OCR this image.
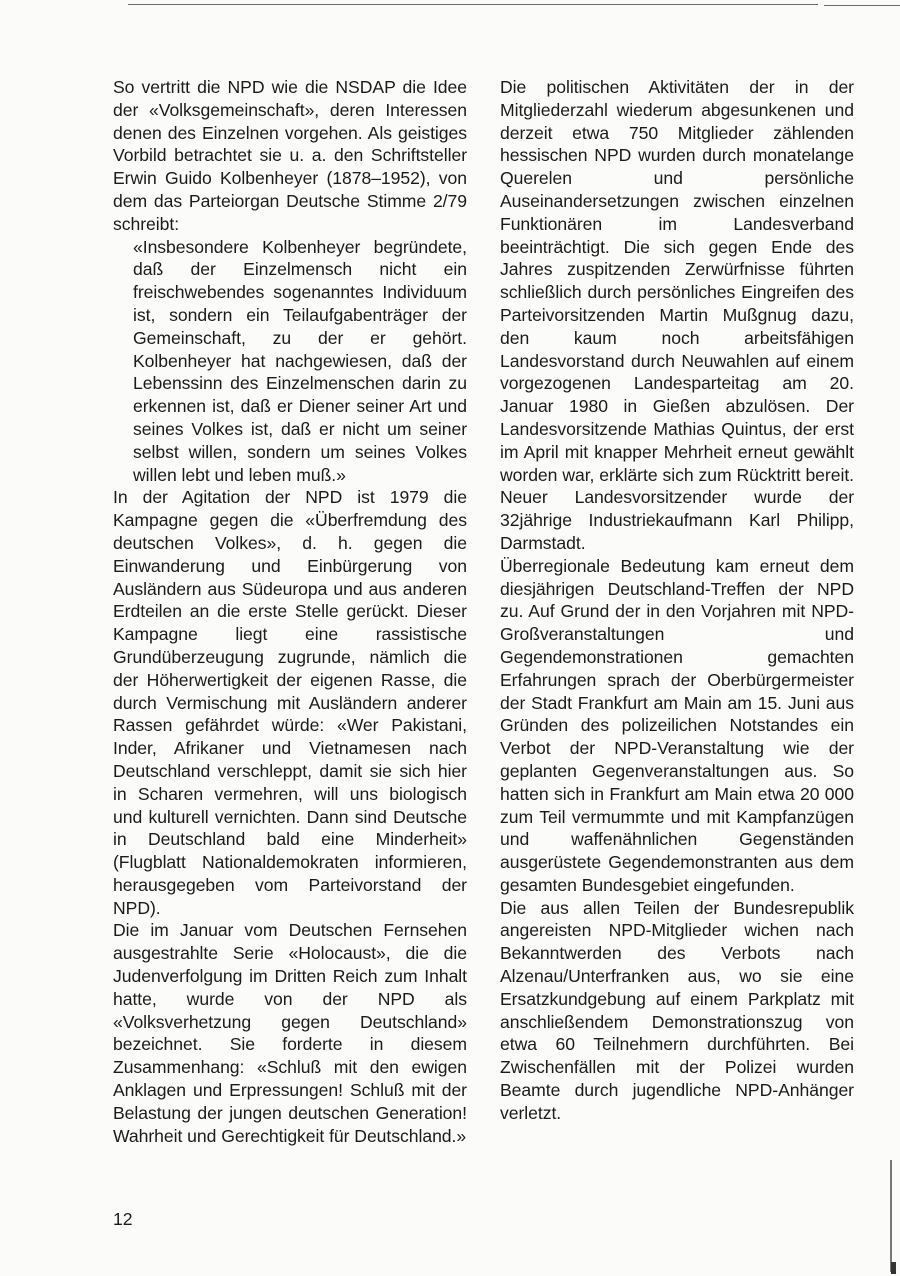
So vertritt die NPD wie die NSDAP die Idee der «Volksgemeinschaft», deren Interessen denen des Einzelnen vorgehen. Als geistiges Vorbild betrachtet sie u. a. den Schriftsteller Erwin Guido Kolbenheyer (1878–1952), von dem das Parteiorgan Deutsche Stimme 2/79 schreibt:

«Insbesondere Kolbenheyer begründete, daß der Einzelmensch nicht ein freischwebendes sogenanntes Individuum ist, sondern ein Teilaufgabenträger der Gemeinschaft, zu der er gehört. Kolbenheyer hat nachgewiesen, daß der Lebenssinn des Einzelmenschen darin zu erkennen ist, daß er Diener seiner Art und seines Volkes ist, daß er nicht um seiner selbst willen, sondern um seines Volkes willen lebt und leben muß.»

In der Agitation der NPD ist 1979 die Kampagne gegen die «Überfremdung des deutschen Volkes», d. h. gegen die Einwanderung und Einbürgerung von Ausländern aus Südeuropa und aus anderen Erdteilen an die erste Stelle gerückt. Dieser Kampagne liegt eine rassistische Grundüberzeugung zugrunde, nämlich die der Höherwertigkeit der eigenen Rasse, die durch Vermischung mit Ausländern anderer Rassen gefährdet würde: «Wer Pakistani, Inder, Afrikaner und Vietnamesen nach Deutschland verschleppt, damit sie sich hier in Scharen vermehren, will uns biologisch und kulturell vernichten. Dann sind Deutsche in Deutschland bald eine Minderheit» (Flugblatt Nationaldemokraten informieren, herausgegeben vom Parteivorstand der NPD).

Die im Januar vom Deutschen Fernsehen ausgestrahlte Serie «Holocaust», die die Judenverfolgung im Dritten Reich zum Inhalt hatte, wurde von der NPD als «Volksverhetzung gegen Deutschland» bezeichnet. Sie forderte in diesem Zusammenhang: «Schluß mit den ewigen Anklagen und Erpressungen! Schluß mit der Belastung der jungen deutschen Generation! Wahrheit und Gerechtigkeit für Deutschland.»

Die politischen Aktivitäten der in der Mitgliederzahl wiederum abgesunkenen und derzeit etwa 750 Mitglieder zählenden hessischen NPD wurden durch monatelange Querelen und persönliche Auseinandersetzungen zwischen einzelnen Funktionären im Landesverband beeinträchtigt. Die sich gegen Ende des Jahres zuspitzenden Zerwürfnisse führten schließlich durch persönliches Eingreifen des Parteivorsitzenden Martin Mußgnug dazu, den kaum noch arbeitsfähigen Landesvorstand durch Neuwahlen auf einem vorgezogenen Landesparteitag am 20. Januar 1980 in Gießen abzulösen. Der Landesvorsitzende Mathias Quintus, der erst im April mit knapper Mehrheit erneut gewählt worden war, erklärte sich zum Rücktritt bereit. Neuer Landesvorsitzender wurde der 32jährige Industriekaufmann Karl Philipp, Darmstadt.

Überregionale Bedeutung kam erneut dem diesjährigen Deutschland-Treffen der NPD zu. Auf Grund der in den Vorjahren mit NPD-Großveranstaltungen und Gegendemonstrationen gemachten Erfahrungen sprach der Oberbürgermeister der Stadt Frankfurt am Main am 15. Juni aus Gründen des polizeilichen Notstandes ein Verbot der NPD-Veranstaltung wie der geplanten Gegenveranstaltungen aus. So hatten sich in Frankfurt am Main etwa 20 000 zum Teil vermummte und mit Kampfanzügen und waffenähnlichen Gegenständen ausgerüstete Gegendemonstranten aus dem gesamten Bundesgebiet eingefunden.

Die aus allen Teilen der Bundesrepublik angereisten NPD-Mitglieder wichen nach Bekanntwerden des Verbots nach Alzenau/Unterfranken aus, wo sie eine Ersatzkundgebung auf einem Parkplatz mit anschließendem Demonstrationszug von etwa 60 Teilnehmern durchführten. Bei Zwischenfällen mit der Polizei wurden Beamte durch jugendliche NPD-Anhänger verletzt.

12
